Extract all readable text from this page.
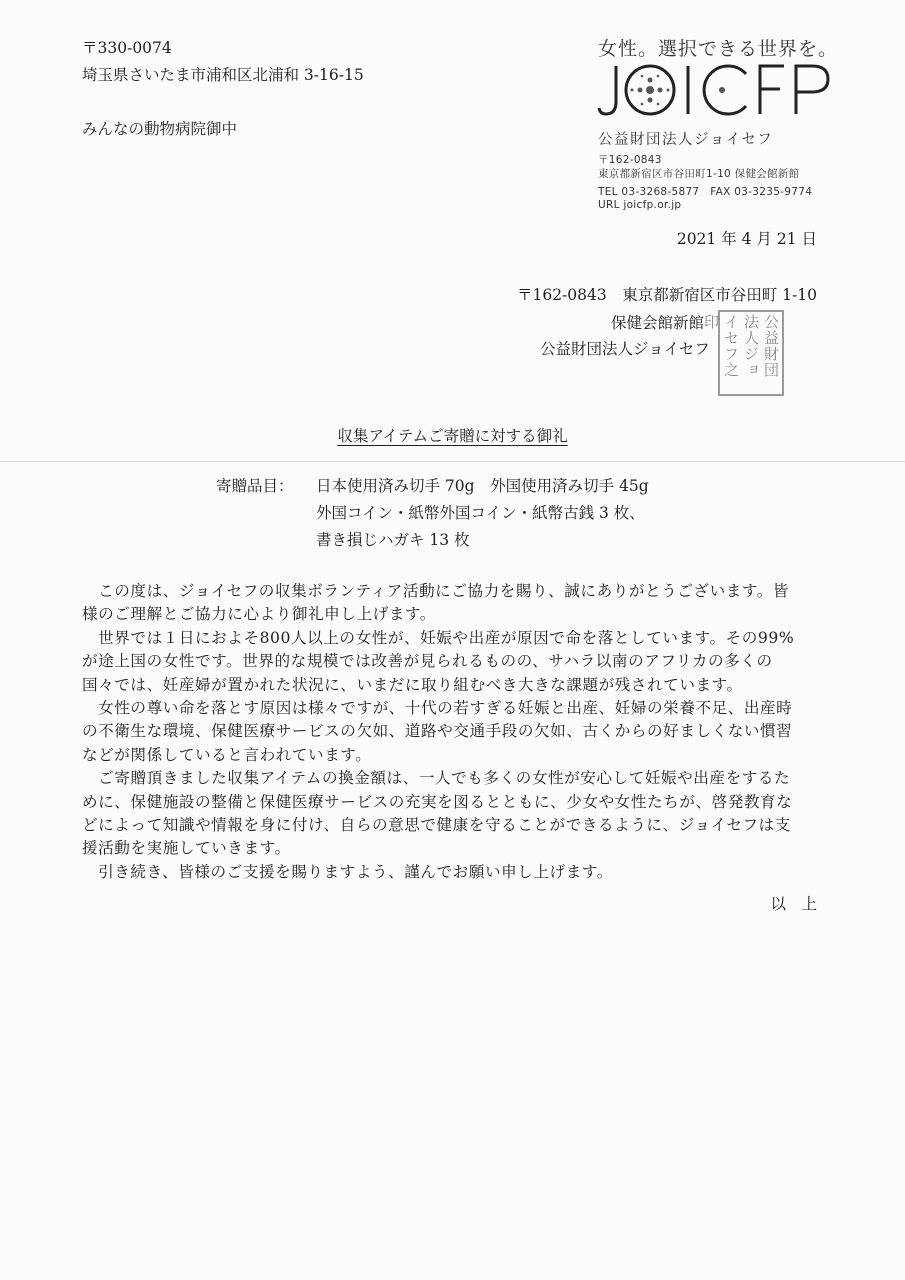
〒330-0074
埼玉県さいたま市浦和区北浦和 3-16-15
みんなの動物病院御中
女性。選択できる世界を。
公益財団法人ジョイセフ
〒162-0843
東京都新宿区市谷田町1-10 保健会館新館
TEL 03-3268-5877　FAX 03-3235-9774
URL joicfp.or.jp
2021 年 4 月 21 日
〒162-0843　東京都新宿区市谷田町 1-10
保健会館新館
公益財団法人ジョイセフ	公益財団法人ジョイセフ之印
収集アイテムご寄贈に対する御礼
寄贈品目： 日本使用済み切手 70g　外国使用済み切手 45g
外国コイン・紙幣外国コイン・紙幣古銭 3 枚、
書き損じハガキ 13 枚
　この度は、ジョイセフの収集ボランティア活動にご協力を賜り、誠にありがとうございます。皆
様のご理解とご協力に心より御礼申し上げます。
　世界では１日におよそ800人以上の女性が、妊娠や出産が原因で命を落としています。その99%
が途上国の女性です。世界的な規模では改善が見られるものの、サハラ以南のアフリカの多くの
国々では、妊産婦が置かれた状況に、いまだに取り組むべき大きな課題が残されています。
　女性の尊い命を落とす原因は様々ですが、十代の若すぎる妊娠と出産、妊婦の栄養不足、出産時
の不衛生な環境、保健医療サービスの欠如、道路や交通手段の欠如、古くからの好ましくない慣習
などが関係していると言われています。
　ご寄贈頂きました収集アイテムの換金額は、一人でも多くの女性が安心して妊娠や出産をするた
めに、保健施設の整備と保健医療サービスの充実を図るとともに、少女や女性たちが、啓発教育な
どによって知識や情報を身に付け、自らの意思で健康を守ることができるように、ジョイセフは支
援活動を実施していきます。
　引き続き、皆様のご支援を賜りますよう、謹んでお願い申し上げます。
以　上
